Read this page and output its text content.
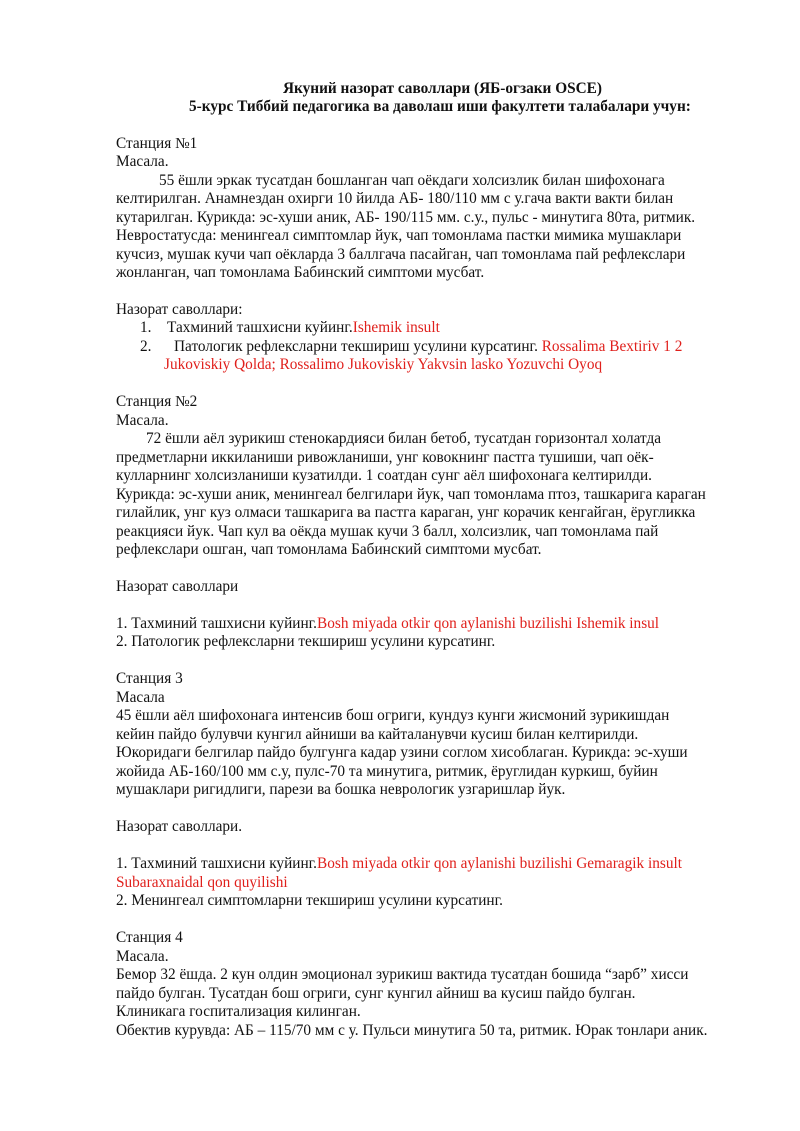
Якуний назорат саволлари (ЯБ-огзаки OSCE)
5-курс Тиббий педагогика ва даволаш иши факултети талабалари учун:
Станция №1
Масала.
55 ёшли эркак тусатдан бошланган чап оёкдаги холсизлик билан шифохонага
келтирилган. Анамнездан охирги 10 йилда АБ- 180/110 мм с у.гача вакти вакти билан
кутарилган. Курикда: эс-хуши аник, АБ- 190/115 мм. с.у., пульс - минутига 80та, ритмик.
Невростатусда: менингеал симптомлар йук, чап томонлама пастки мимика мушаклари
кучсиз, мушак кучи чап оёкларда 3 баллгача пасайган, чап томонлама пай рефлекслари
жонланган, чап томонлама Бабинский симптоми мусбат.
Назорат саволлари:
1. Тахминий ташхисни куйинг.Ishemik insult
2. Патологик рефлексларни текшириш усулини курсатинг. Rossalima Bextiriv 1 2
Jukoviskiy Qolda; Rossalimo Jukoviskiy Yakvsin lasko Yozuvchi Oyoq
Станция №2
Масала.
72 ёшли аёл зурикиш стенокардияси билан бетоб, тусатдан горизонтал холатда
предметларни иккиланиши ривожланиши, унг ковокнинг пастга тушиши, чап оёк-
кулларнинг холсизланиши кузатилди. 1 соатдан сунг аёл шифохонага келтирилди.
Курикда: эс-хуши аник, менингеал белгилари йук, чап томонлама птоз, ташкарига караган
гилайлик, унг куз олмаси ташкарига ва пастга караган, унг корачик кенгайган, ёругликка
реакцияси йук. Чап кул ва оёкда мушак кучи 3 балл, холсизлик, чап томонлама пай
рефлекслари ошган, чап томонлама Бабинский симптоми мусбат.
Назорат саволлари
1. Тахминий ташхисни куйинг.Bosh miyada otkir qon aylanishi buzilishi Ishemik insul
2. Патологик рефлексларни текшириш усулини курсатинг.
Станция 3
Масала
45 ёшли аёл шифохонага интенсив бош огриги, кундуз кунги жисмоний зурикишдан
кейин пайдо булувчи кунгил айниши ва кайталанувчи кусиш билан келтирилди.
Юкоридаги белгилар пайдо булгунга кадар узини соглом хисоблаган. Курикда: эс-хуши
жойида АБ-160/100 мм с.у, пулс-70 та минутига, ритмик, ёруглидан куркиш, буйин
мушаклари ригидлиги, парези ва бошка неврологик узгаришлар йук.
Назорат саволлари.
1. Тахминий ташхисни куйинг.Bosh miyada otkir qon aylanishi buzilishi Gemaragik insult
Subaraxnaidal qon quyilishi
2. Менингеал симптомларни текшириш усулини курсатинг.
Станция 4
Масала.
Бемор 32 ёшда. 2 кун олдин эмоционал зурикиш вактида тусатдан бошида “зарб” хисси
пайдо булган. Тусатдан бош огриги, сунг кунгил айниш ва кусиш пайдо булган.
Клиникага госпитализация килинган.
Обектив курувда: АБ – 115/70 мм с у. Пульси минутига 50 та, ритмик. Юрак тонлари аник.
